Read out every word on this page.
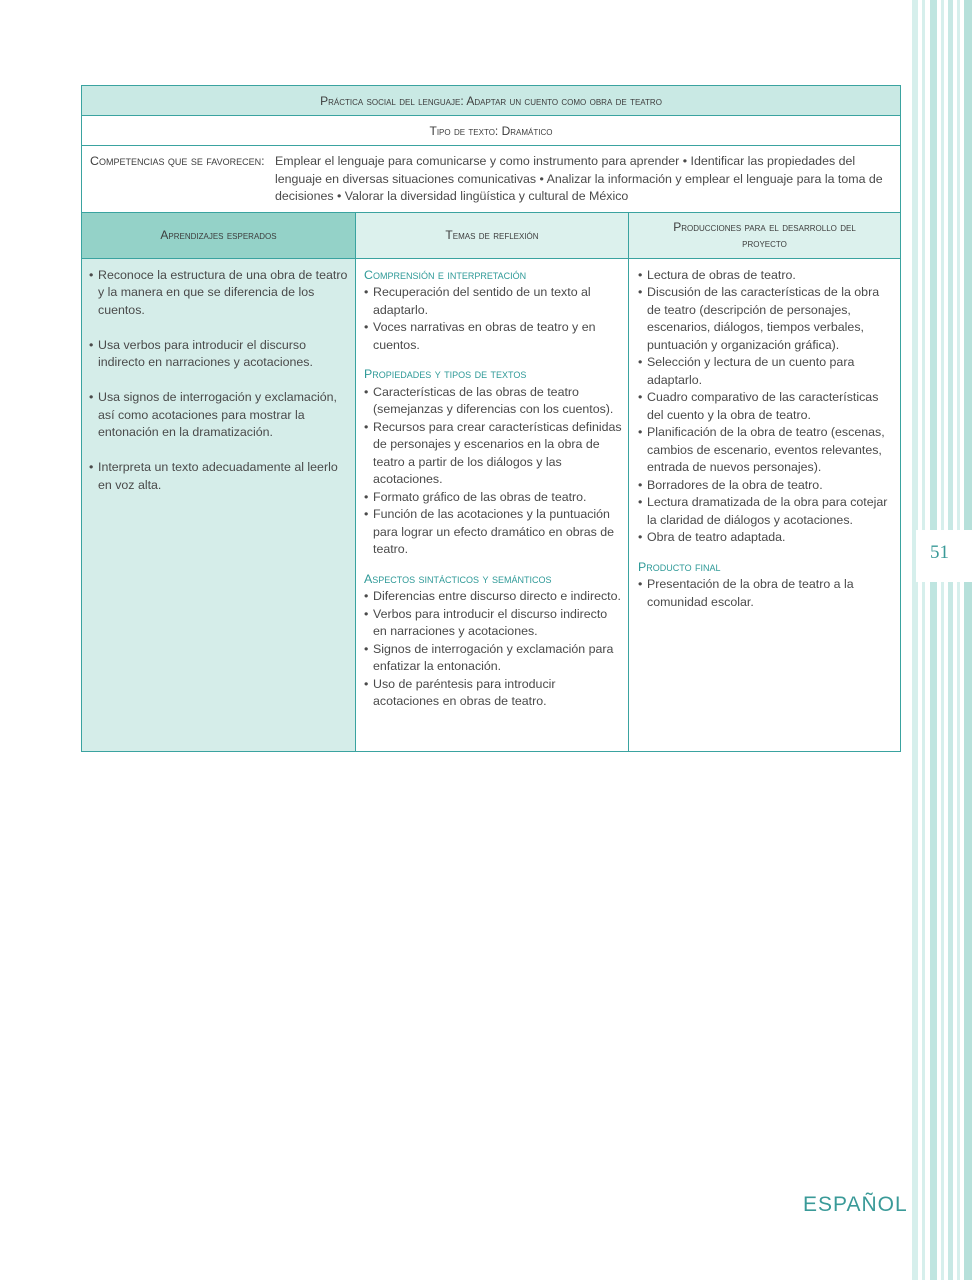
51
Práctica social del lenguaje: Adaptar un cuento como obra de teatro
Tipo de texto: Dramático
Competencias que se favorecen: Emplear el lenguaje para comunicarse y como instrumento para aprender • Identificar las propiedades del lenguaje en diversas situaciones comunicativas • Analizar la información y emplear el lenguaje para la toma de decisiones • Valorar la diversidad lingüística y cultural de México
Aprendizajes esperados	Temas de reflexión
Producciones para el desarrollo del proyecto
• Reconoce la estructura de una obra de teatro y la manera en que se diferencia de los cuentos.
• Usa verbos para introducir el discurso indirecto en narraciones y acotaciones.
• Usa signos de interrogación y exclamación, así como acotaciones para mostrar la entonación en la dramatización.
• Interpreta un texto adecuadamente al leerlo en voz alta.
Comprensión e interpretación
• Recuperación del sentido de un texto al adaptarlo.
• Voces narrativas en obras de teatro y en cuentos.
Propiedades y tipos de textos
• Características de las obras de teatro (semejanzas y diferencias con los cuentos).
• Recursos para crear características definidas de personajes y escenarios en la obra de teatro a partir de los diálogos y las acotaciones.
• Formato gráfico de las obras de teatro.
• Función de las acotaciones y la puntuación para lograr un efecto dramático en obras de teatro.
Aspectos sintácticos y semánticos
• Diferencias entre discurso directo e indirecto.
• Verbos para introducir el discurso indirecto en narraciones y acotaciones.
• Signos de interrogación y exclamación para enfatizar la entonación.
• Uso de paréntesis para introducir acotaciones en obras de teatro.
• Lectura de obras de teatro.
• Discusión de las características de la obra de teatro (descripción de personajes, escenarios, diálogos, tiempos verbales, puntuación y organización gráfica).
• Selección y lectura de un cuento para adaptarlo.
• Cuadro comparativo de las características del cuento y la obra de teatro.
• Planificación de la obra de teatro (escenas, cambios de escenario, eventos relevantes, entrada de nuevos personajes).
• Borradores de la obra de teatro.
• Lectura dramatizada de la obra para cotejar la claridad de diálogos y acotaciones.
• Obra de teatro adaptada.
Producto final
• Presentación de la obra de teatro a la comunidad escolar.
ESPAÑOL
